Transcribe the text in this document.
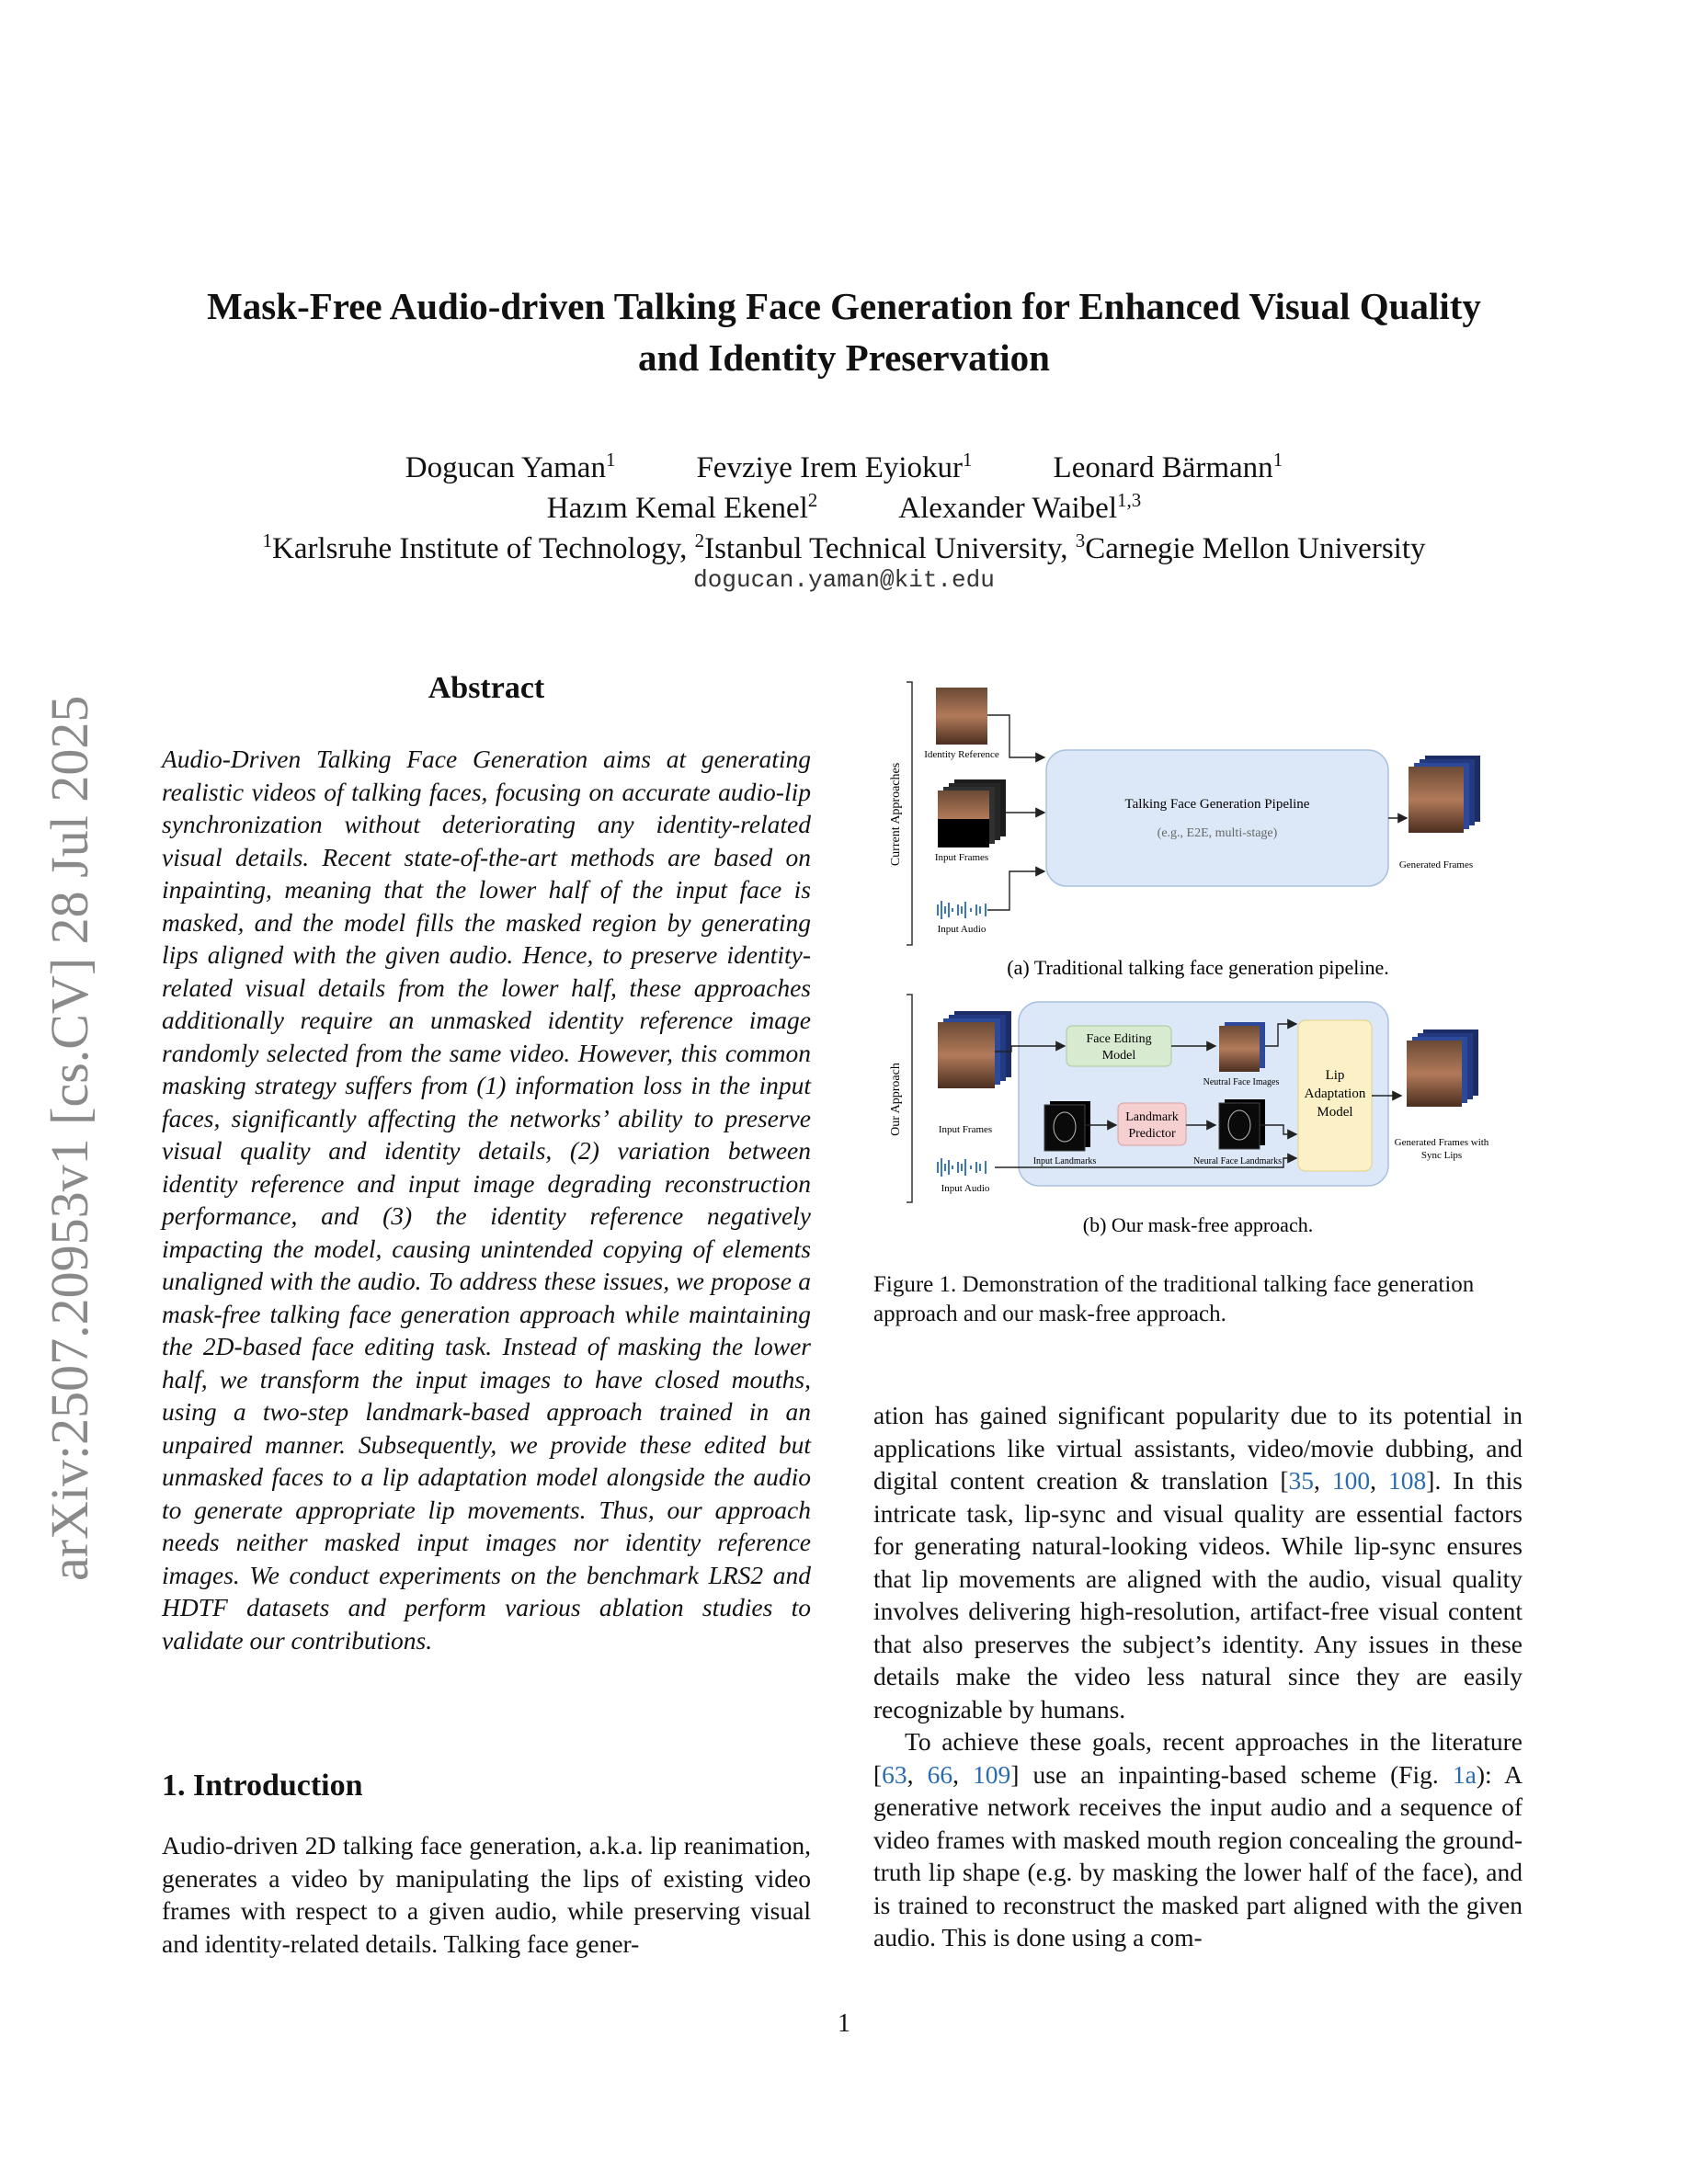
arXiv:2507.20953v1 [cs.CV] 28 Jul 2025
Mask-Free Audio-driven Talking Face Generation for Enhanced Visual Quality
and Identity Preservation
Dogucan Yaman$^1$	Fevziye Irem Eyiokur$^1$	Leonard Bärmann$^1$
Hazım Kemal Ekenel$^2$	Alexander Waibel$^{1,3}$
$^1$Karlsruhe Institute of Technology, $^2$Istanbul Technical University, $^3$Carnegie Mellon University
dogucan.yaman@kit.edu
Abstract
Audio-Driven Talking Face Generation aims at generating realistic videos of talking faces, focusing on accurate audio-lip synchronization without deteriorating any identity-related visual details. Recent state-of-the-art methods are based on inpainting, meaning that the lower half of the input face is masked, and the model fills the masked region by generating lips aligned with the given audio. Hence, to preserve identity-related visual details from the lower half, these approaches additionally require an unmasked identity reference image randomly selected from the same video. However, this common masking strategy suffers from (1) information loss in the input faces, significantly affecting the networks’ ability to preserve visual quality and identity details, (2) variation between identity reference and input image degrading reconstruction performance, and (3) the identity reference negatively impacting the model, causing unintended copying of elements unaligned with the audio. To address these issues, we propose a mask-free talking face generation approach while maintaining the 2D-based face editing task. Instead of masking the lower half, we transform the input images to have closed mouths, using a two-step landmark-based approach trained in an unpaired manner. Subsequently, we provide these edited but unmasked faces to a lip adaptation model alongside the audio to generate appropriate lip movements. Thus, our approach needs neither masked input images nor identity reference images. We conduct experiments on the benchmark LRS2 and HDTF datasets and perform various ablation studies to validate our contributions.
1. Introduction
Audio-driven 2D talking face generation, a.k.a. lip reanimation, generates a video by manipulating the lips of existing video frames with respect to a given audio, while preserving visual and identity-related details. Talking face gener-
Current Approaches
Identity Reference
Input Frames
Input Audio
Talking Face Generation Pipeline
(e.g., E2E, multi-stage)
Generated Frames
(a) Traditional talking face generation pipeline.
Our Approach	Input Frames
Input Audio
Face Editing
Model
Neutral Face Images
Input Landmarks
Landmark
Predictor
Neural Face Landmarks
Lip
Adaptation
Model
Generated Frames with
Sync Lips
(b) Our mask-free approach.
Figure 1. Demonstration of the traditional talking face generation approach and our mask-free approach.

ation has gained significant popularity due to its potential in applications like virtual assistants, video/movie dubbing, and digital content creation & translation [35, 100, 108]. In this intricate task, lip-sync and visual quality are essential factors for generating natural-looking videos. While lip-sync ensures that lip movements are aligned with the audio, visual quality involves delivering high-resolution, artifact-free visual content that also preserves the subject’s identity. Any issues in these details make the video less natural since they are easily recognizable by humans.

To achieve these goals, recent approaches in the literature [63, 66, 109] use an inpainting-based scheme (Fig. 1a): A generative network receives the input audio and a sequence of video frames with masked mouth region concealing the ground-truth lip shape (e.g. by masking the lower half of the face), and is trained to reconstruct the masked part aligned with the given audio. This is done using a com-

1
